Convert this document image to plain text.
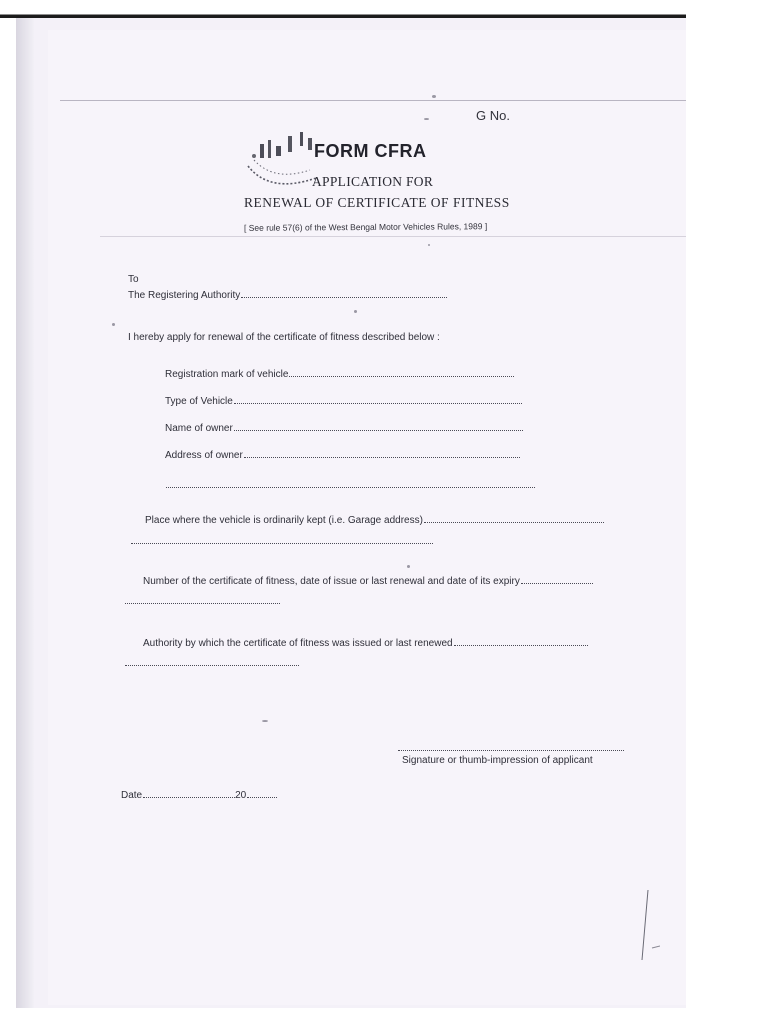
G No.
FORM CFRA
APPLICATION FOR
RENEWAL OF CERTIFICATE OF FITNESS
[ See rule 57(6) of the West Bengal Motor Vehicles Rules, 1989 ]
To
The Registering Authority
I hereby apply for renewal of the certificate of fitness described below :
Registration mark of vehicle
Type of Vehicle
Name of owner
Address of owner
Place where the vehicle is ordinarily kept (i.e. Garage address)
Number of the certificate of fitness, date of issue or last renewal and date of its expiry
Authority by which the certificate of fitness was issued or last renewed
Signature or thumb-impression of applicant
Date	20
